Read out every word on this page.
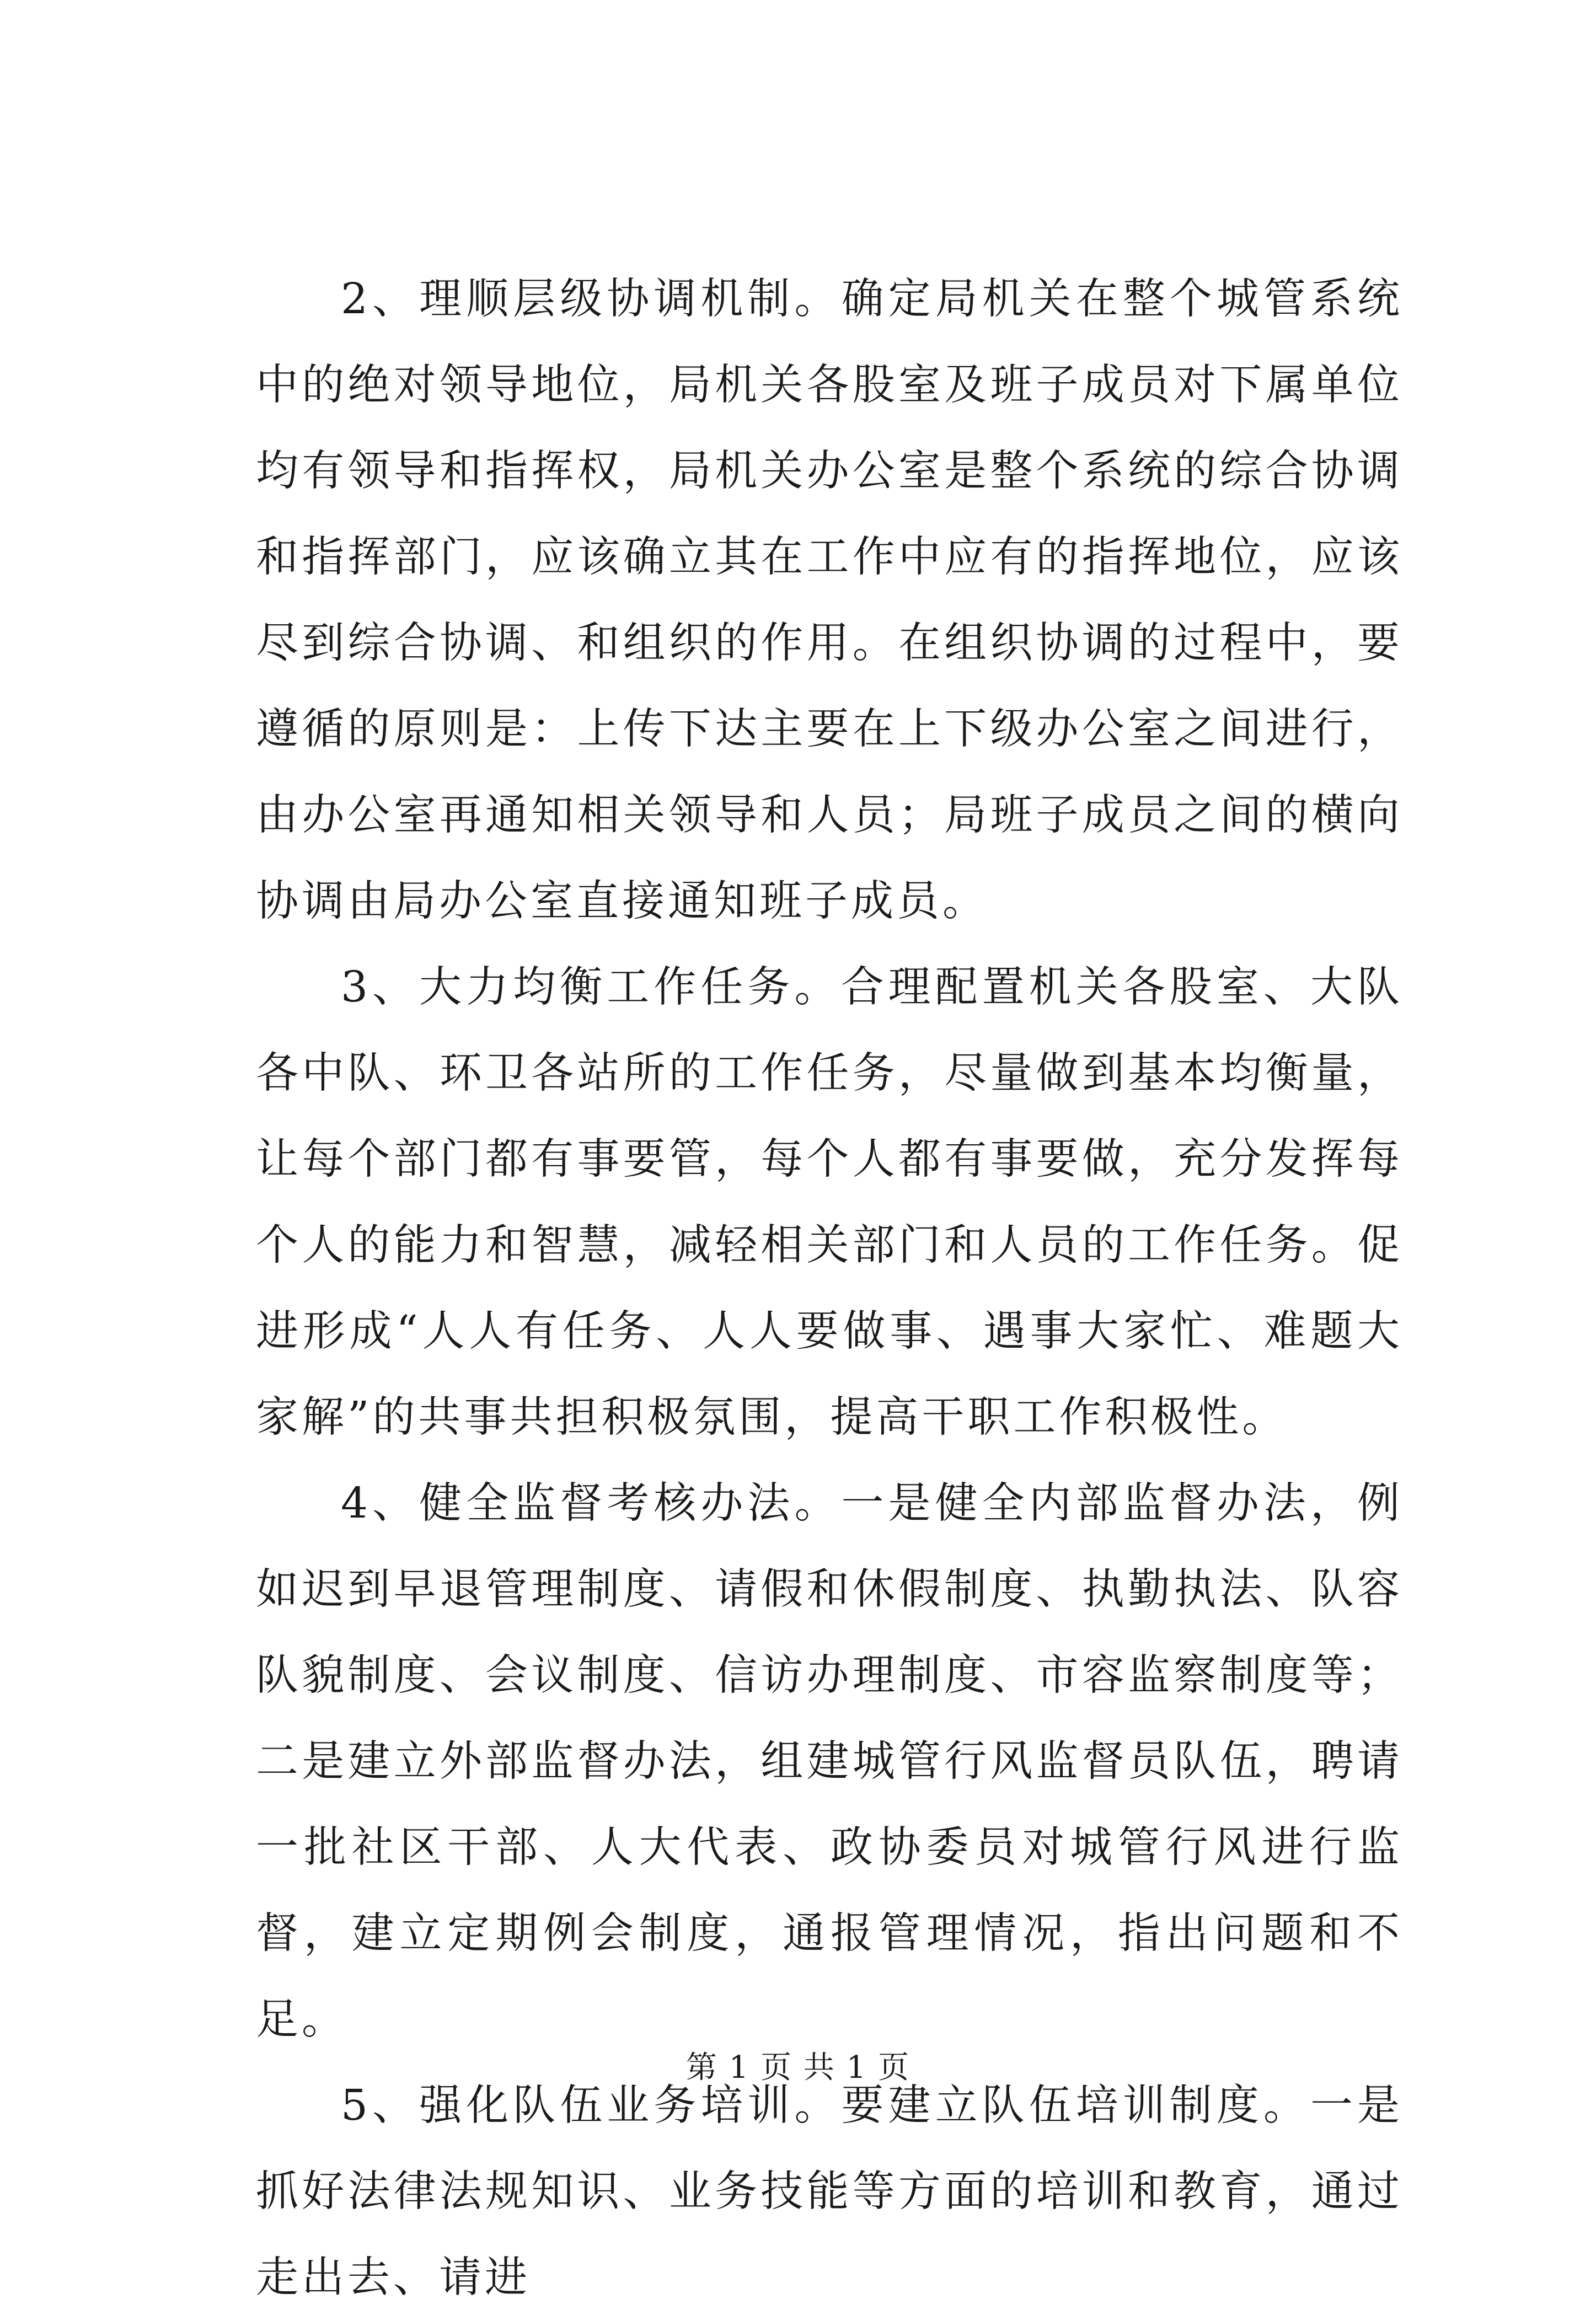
2、理顺层级协调机制。确定局机关在整个城管系统中的绝对领导地位，局机关各股室及班子成员对下属单位均有领导和指挥权，局机关办公室是整个系统的综合协调和指挥部门，应该确立其在工作中应有的指挥地位，应该尽到综合协调、和组织的作用。在组织协调的过程中，要遵循的原则是：上传下达主要在上下级办公室之间进行，由办公室再通知相关领导和人员；局班子成员之间的横向协调由局办公室直接通知班子成员。

3、大力均衡工作任务。合理配置机关各股室、大队各中队、环卫各站所的工作任务，尽量做到基本均衡量，让每个部门都有事要管，每个人都有事要做，充分发挥每个人的能力和智慧，减轻相关部门和人员的工作任务。促进形成“人人有任务、人人要做事、遇事大家忙、难题大家解”的共事共担积极氛围，提高干职工作积极性。

4、健全监督考核办法。一是健全内部监督办法，例如迟到早退管理制度、请假和休假制度、执勤执法、队容队貌制度、会议制度、信访办理制度、市容监察制度等；二是建立外部监督办法，组建城管行风监督员队伍，聘请一批社区干部、人大代表、政协委员对城管行风进行监督，建立定期例会制度，通报管理情况，指出问题和不足。

5、强化队伍业务培训。要建立队伍培训制度。一是抓好法律法规知识、业务技能等方面的培训和教育，通过走出去、请进

第 1 页 共 1 页
